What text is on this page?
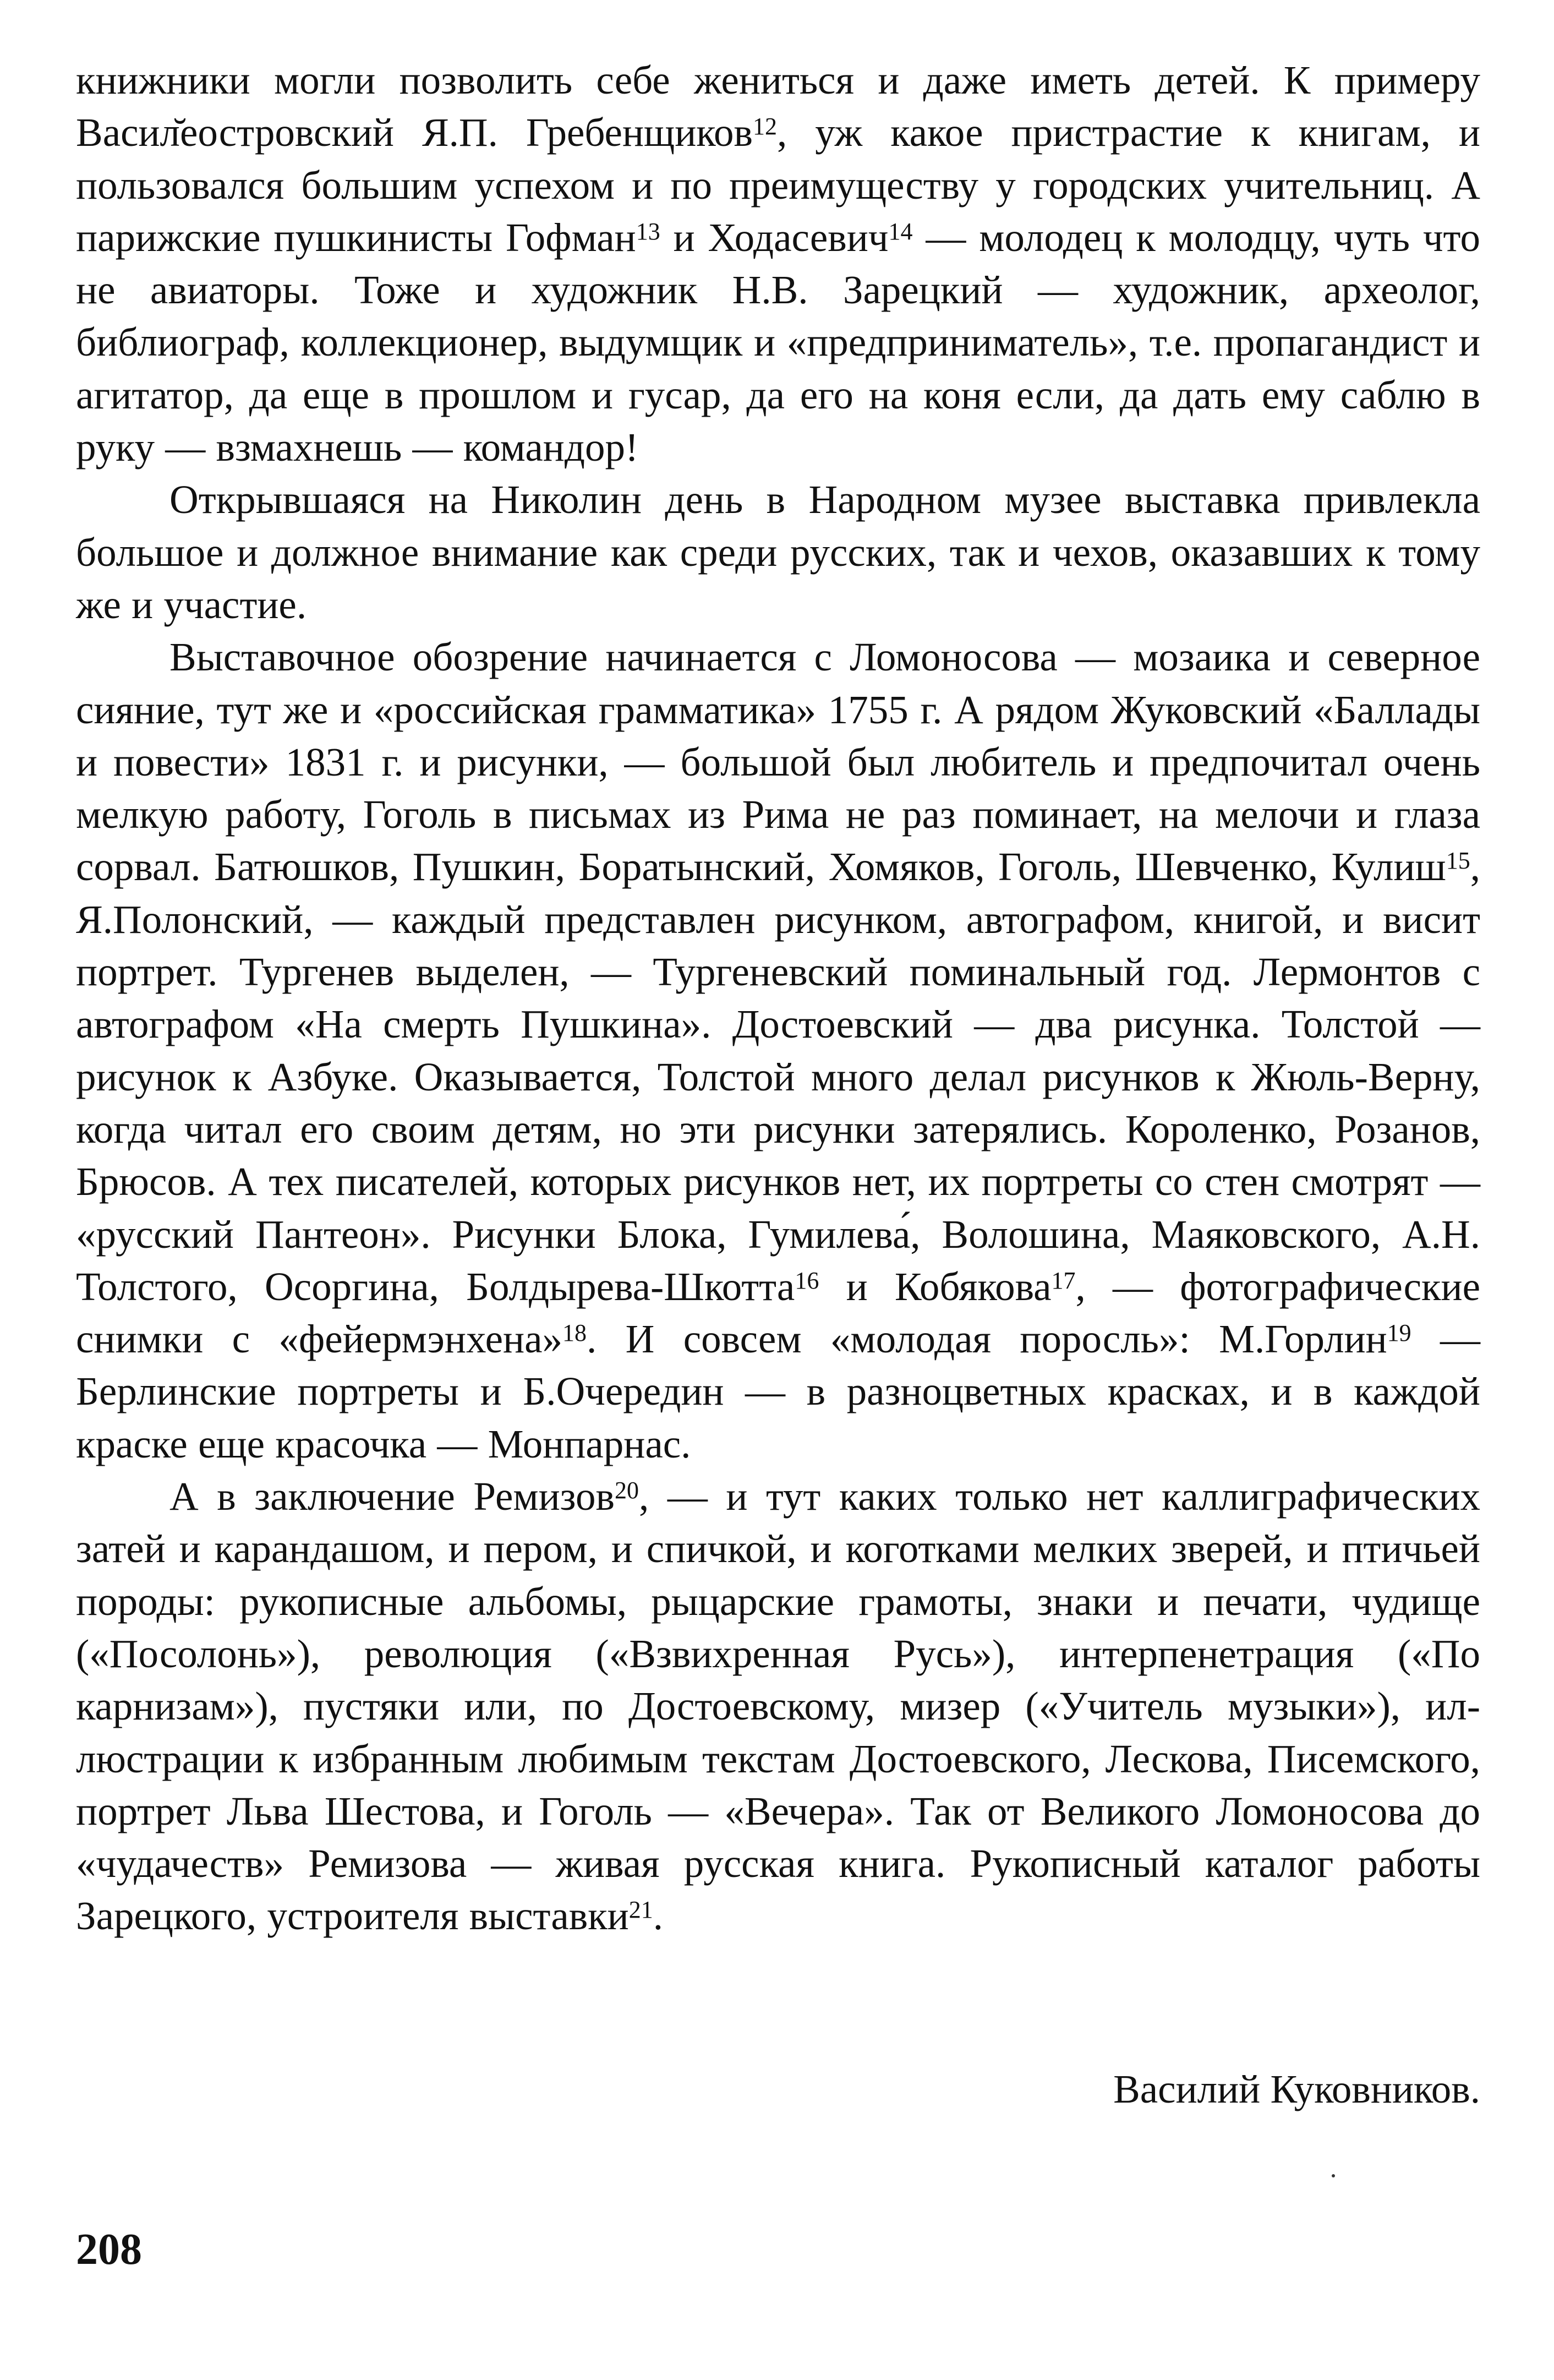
книжники могли позволить себе жениться и даже иметь детей. К примеру Васил̆еостровский Я.П. Гребенщиков$^{12}$, уж какое пристрастие к книгам, и пользовался большим успехом и по преимуществу у городских учительниц. А парижские пушкинисты Гофман$^{13}$ и Ходасевич$^{14}$ — молодец к молодцу, чуть что не авиаторы. Тоже и художник Н.В. Зарецкий — художник, археолог, библиограф, коллекционер, выдумщик и «предприниматель», т.е. пропагандист и агитатор, да еще в прошлом и гусар, да его на коня если, да дать ему саблю в руку — взмахнешь — командор!

Открывшаяся на Николин день в Народном музее выставка привлекла большое и должное внимание как среди русских, так и чехов, оказавших к тому же и участие.

Выставочное обозрение начинается с Ломоносова — мозаика и северное сияние, тут же и «российская грамматика» 1755 г. А рядом Жуковский «Баллады и повести» 1831 г. и рисунки, — большой был любитель и предпочитал очень мелкую работу, Гоголь в письмах из Рима не раз поминает, на мелочи и глаза сорвал. Батюшков, Пушкин, Боратынский, Хомяков, Гоголь, Шевченко, Кулиш$^{15}$, Я.Полонский, — каждый представлен рисунком, автографом, книгой, и висит портрет. Тургенев выделен, — Тургеневский поминальный год. Лермонтов с автографом «На смерть Пушкина». Достоевский — два рисунка. Толстой — рисунок к Азбуке. Оказывается, Толстой много делал рисунков к Жюль-Верну, когда читал его своим детям, но эти рисунки затерялись. Короленко, Розанов, Брюсов. А тех писателей, которых рисунков нет, их портреты со стен смотрят — «русский Пантеон». Рисунки Блока, Гумилева́, Волошина, Маяковского, А.Н. Толстого, Осоргина, Болдырева-Шкотта$^{16}$ и Кобякова$^{17}$, — фотографические снимки с «фейермэнхена»$^{18}$. И совсем «молодая поросль»: М.Горлин$^{19}$ — Берлинские портреты и Б.Очередин — в разноцветных красках, и в каждой краске еще красочка — Монпарнас.

А в заключение Ремизов$^{20}$, — и тут каких только нет каллиграфических затей и карандашом, и пером, и спичкой, и коготками мелких зверей, и птичьей породы: рукописные альбомы, рыцарские грамоты, знаки и печати, чудище («Посолонь»), революция («Взвихренная Русь»), интерпенетрация («По карнизам»), пустяки или, по Достоевскому, мизер («Учитель музыки»), иллюстрации к избранным любимым текстам Достоевского, Лескова, Писемского, портрет Льва Шестова, и Гоголь — «Вечера». Так от Великого Ломоносова до «чудачеств» Ремизова — живая русская книга. Рукописный каталог работы Зарецкого, устроителя выставки$^{21}$.

Василий Куковников.

208
